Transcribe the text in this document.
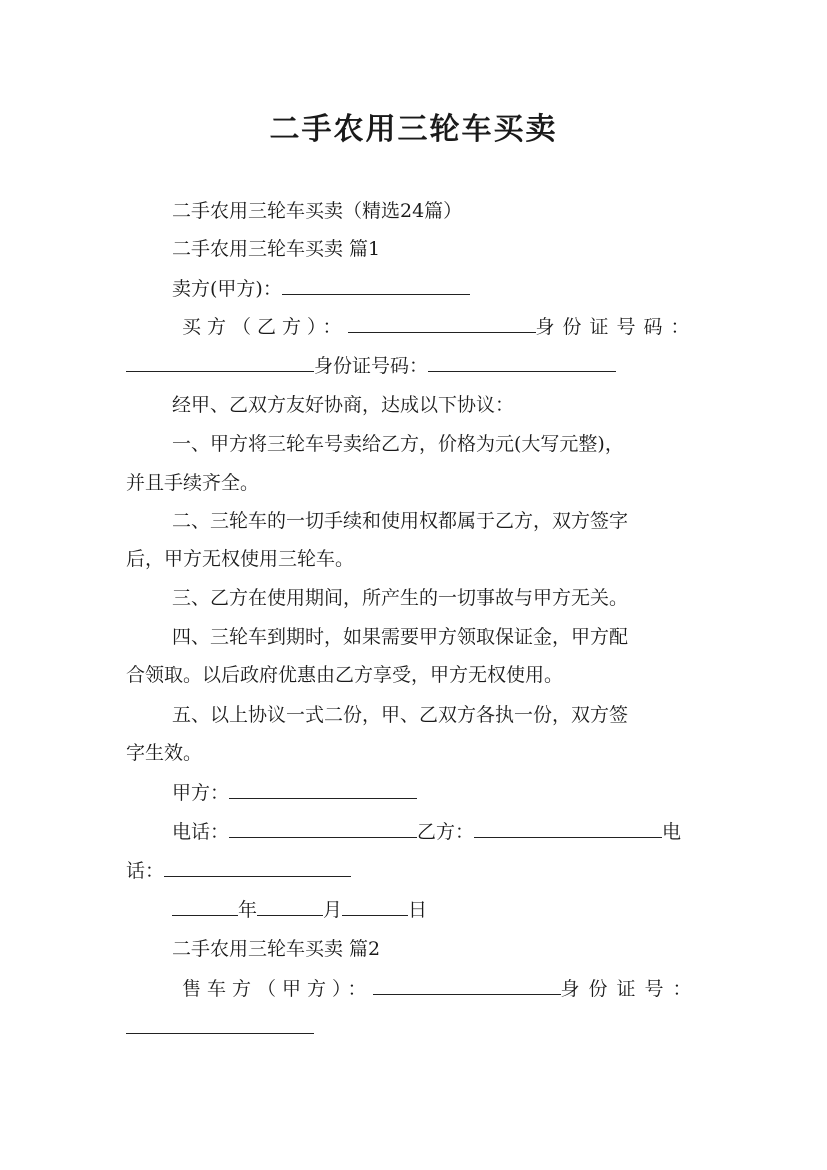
二手农用三轮车买卖
二手农用三轮车买卖（精选24篇）
二手农用三轮车买卖 篇1
卖方(甲方)：
买方（乙方）：	身份证号码：
身份证号码：
经甲、乙双方友好协商，达成以下协议：
一、甲方将三轮车号卖给乙方，价格为元(大写元整)，
并且手续齐全。
二、三轮车的一切手续和使用权都属于乙方，双方签字
后，甲方无权使用三轮车。
三、乙方在使用期间，所产生的一切事故与甲方无关。
四、三轮车到期时，如果需要甲方领取保证金，甲方配
合领取。以后政府优惠由乙方享受，甲方无权使用。
五、以上协议一式二份，甲、乙双方各执一份，双方签
字生效。
甲方：
电话：	乙方：	电
话：
年	月	日
二手农用三轮车买卖 篇2
售车方（甲方）：	身份证号：
